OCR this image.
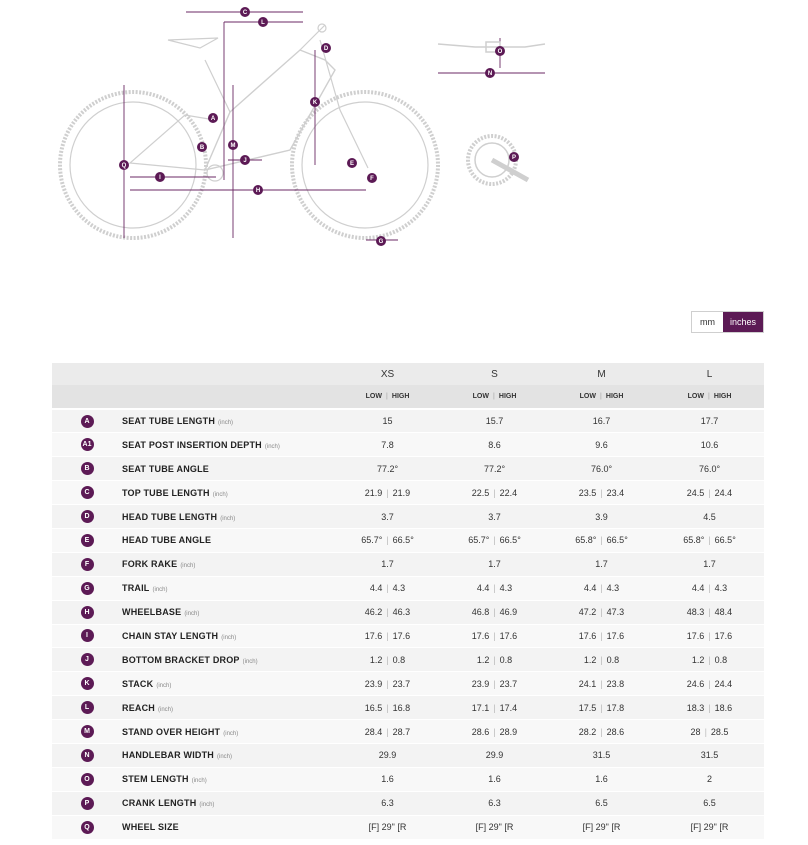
C
L
D
K
A
M
B
J
Q
I
H
E
F
G
O
N
P
mm	inches
		XS	S	M	L
		LOW | HIGH	LOW | HIGH	LOW | HIGH	LOW | HIGH
A	SEAT TUBE LENGTH (inch)	15	15.7	16.7	17.7
A1	SEAT POST INSERTION DEPTH (inch)	7.8	8.6	9.6	10.6
B	SEAT TUBE ANGLE	77.2°	77.2°	76.0°	76.0°
C	TOP TUBE LENGTH (inch)	21.9 | 21.9	22.5 | 22.4	23.5 | 23.4	24.5 | 24.4
D	HEAD TUBE LENGTH (inch)	3.7	3.7	3.9	4.5
E	HEAD TUBE ANGLE	65.7° | 66.5°	65.7° | 66.5°	65.8° | 66.5°	65.8° | 66.5°
F	FORK RAKE (inch)	1.7	1.7	1.7	1.7
G	TRAIL (inch)	4.4 | 4.3	4.4 | 4.3	4.4 | 4.3	4.4 | 4.3
H	WHEELBASE (inch)	46.2 | 46.3	46.8 | 46.9	47.2 | 47.3	48.3 | 48.4
I	CHAIN STAY LENGTH (inch)	17.6 | 17.6	17.6 | 17.6	17.6 | 17.6	17.6 | 17.6
J	BOTTOM BRACKET DROP (inch)	1.2 | 0.8	1.2 | 0.8	1.2 | 0.8	1.2 | 0.8
K	STACK (inch)	23.9 | 23.7	23.9 | 23.7	24.1 | 23.8	24.6 | 24.4
L	REACH (inch)	16.5 | 16.8	17.1 | 17.4	17.5 | 17.8	18.3 | 18.6
M	STAND OVER HEIGHT (inch)	28.4 | 28.7	28.6 | 28.9	28.2 | 28.6	28 | 28.5
N	HANDLEBAR WIDTH (inch)	29.9	29.9	31.5	31.5
O	STEM LENGTH (inch)	1.6	1.6	1.6	2
P	CRANK LENGTH (inch)	6.3	6.3	6.5	6.5
Q	WHEEL SIZE	[F] 29" [R	[F] 29" [R	[F] 29" [R	[F] 29" [R
